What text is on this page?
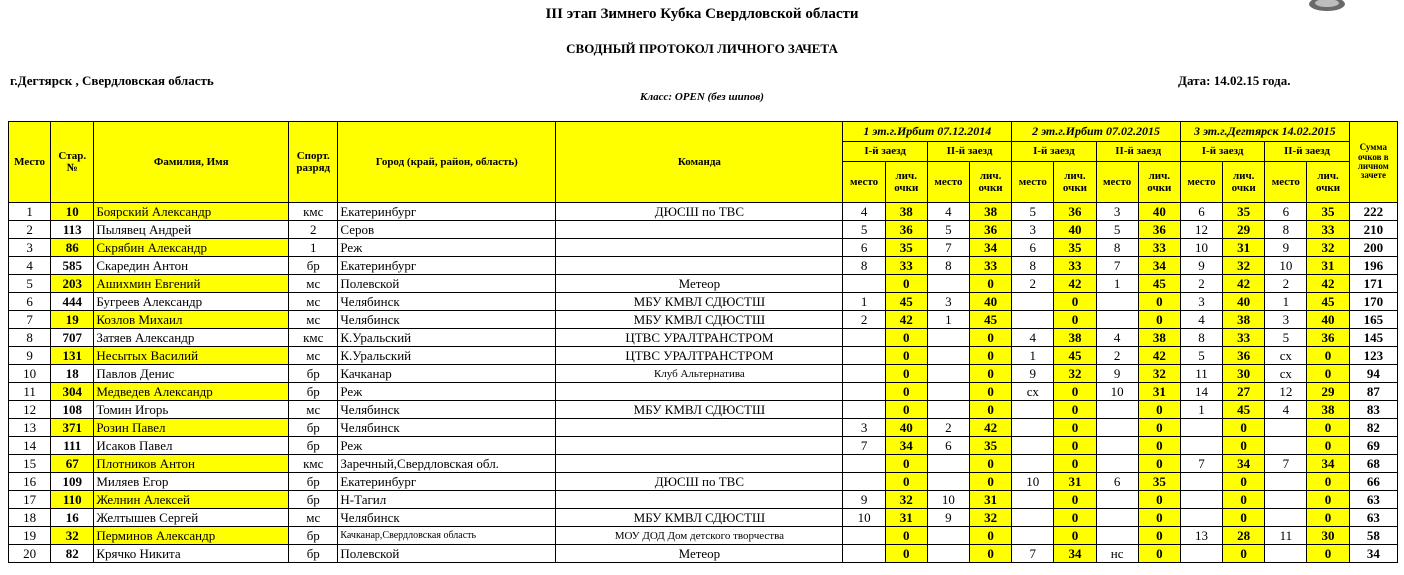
III этап Зимнего Кубка Свердловской области
СВОДНЫЙ ПРОТОКОЛ ЛИЧНОГО ЗАЧЕТА
г.Дегтярск , Свердловская область	Дата: 14.02.15 года.
Класс: OPEN (без шипов)
Место	Стар. №	Фамилия, Имя	Спорт. разряд	Город (край, район, область)	Команда	1 эт.г.Ирбит 07.12.2014				2 эт.г.Ирбит 07.02.2015				3 эт.г.Дегтярск 14.02.2015				Сумма очков в личном зачете
						I-й заезд		II-й заезд		I-й заезд		II-й заезд		I-й заезд		II-й заезд		
						место	лич. очки	место	лич. очки	место	лич. очки	место	лич. очки	место	лич. очки	место	лич. очки	
1	10	Боярский Александр	кмс	Екатеринбург	ДЮСШ по ТВС	4	38	4	38	5	36	3	40	6	35	6	35	222
2	113	Пылявец Андрей	2	Серов		5	36	5	36	3	40	5	36	12	29	8	33	210
3	86	Скрябин Александр	1	Реж		6	35	7	34	6	35	8	33	10	31	9	32	200
4	585	Скаредин Антон	бр	Екатеринбург		8	33	8	33	8	33	7	34	9	32	10	31	196
5	203	Ашихмин Евгений	мс	Полевской	Метеор		0		0	2	42	1	45	2	42	2	42	171
6	444	Бугреев Александр	мс	Челябинск	МБУ КМВЛ СДЮСТШ	1	45	3	40		0		0	3	40	1	45	170
7	19	Козлов Михаил	мс	Челябинск	МБУ КМВЛ СДЮСТШ	2	42	1	45		0		0	4	38	3	40	165
8	707	Затяев Александр	кмс	К.Уральский	ЦТВС УРАЛТРАНСТРОМ		0		0	4	38	4	38	8	33	5	36	145
9	131	Несытых Василий	мс	К.Уральский	ЦТВС УРАЛТРАНСТРОМ		0		0	1	45	2	42	5	36	сх	0	123
10	18	Павлов Денис	бр	Качканар	Клуб Альтернатива		0		0	9	32	9	32	11	30	сх	0	94
11	304	Медведев Александр	бр	Реж			0		0	сх	0	10	31	14	27	12	29	87
12	108	Томин Игорь	мс	Челябинск	МБУ КМВЛ СДЮСТШ		0		0		0		0	1	45	4	38	83
13	371	Розин Павел	бр	Челябинск		3	40	2	42		0		0		0		0	82
14	111	Исаков Павел	бр	Реж		7	34	6	35		0		0		0		0	69
15	67	Плотников Антон	кмс	Заречный,Свердловская обл.			0		0		0		0	7	34	7	34	68
16	109	Миляев Егор	бр	Екатеринбург	ДЮСШ по ТВС		0		0	10	31	6	35		0		0	66
17	110	Желнин Алексей	бр	Н-Тагил		9	32	10	31		0		0		0		0	63
18	16	Желтышев Сергей	мс	Челябинск	МБУ КМВЛ СДЮСТШ	10	31	9	32		0		0		0		0	63
19	32	Перминов Александр	бр	Качканар,Свердловская область	МОУ ДОД Дом детского творчества		0		0		0		0	13	28	11	30	58
20	82	Крячко Никита	бр	Полевской	Метеор		0		0	7	34	нс	0		0		0	34
